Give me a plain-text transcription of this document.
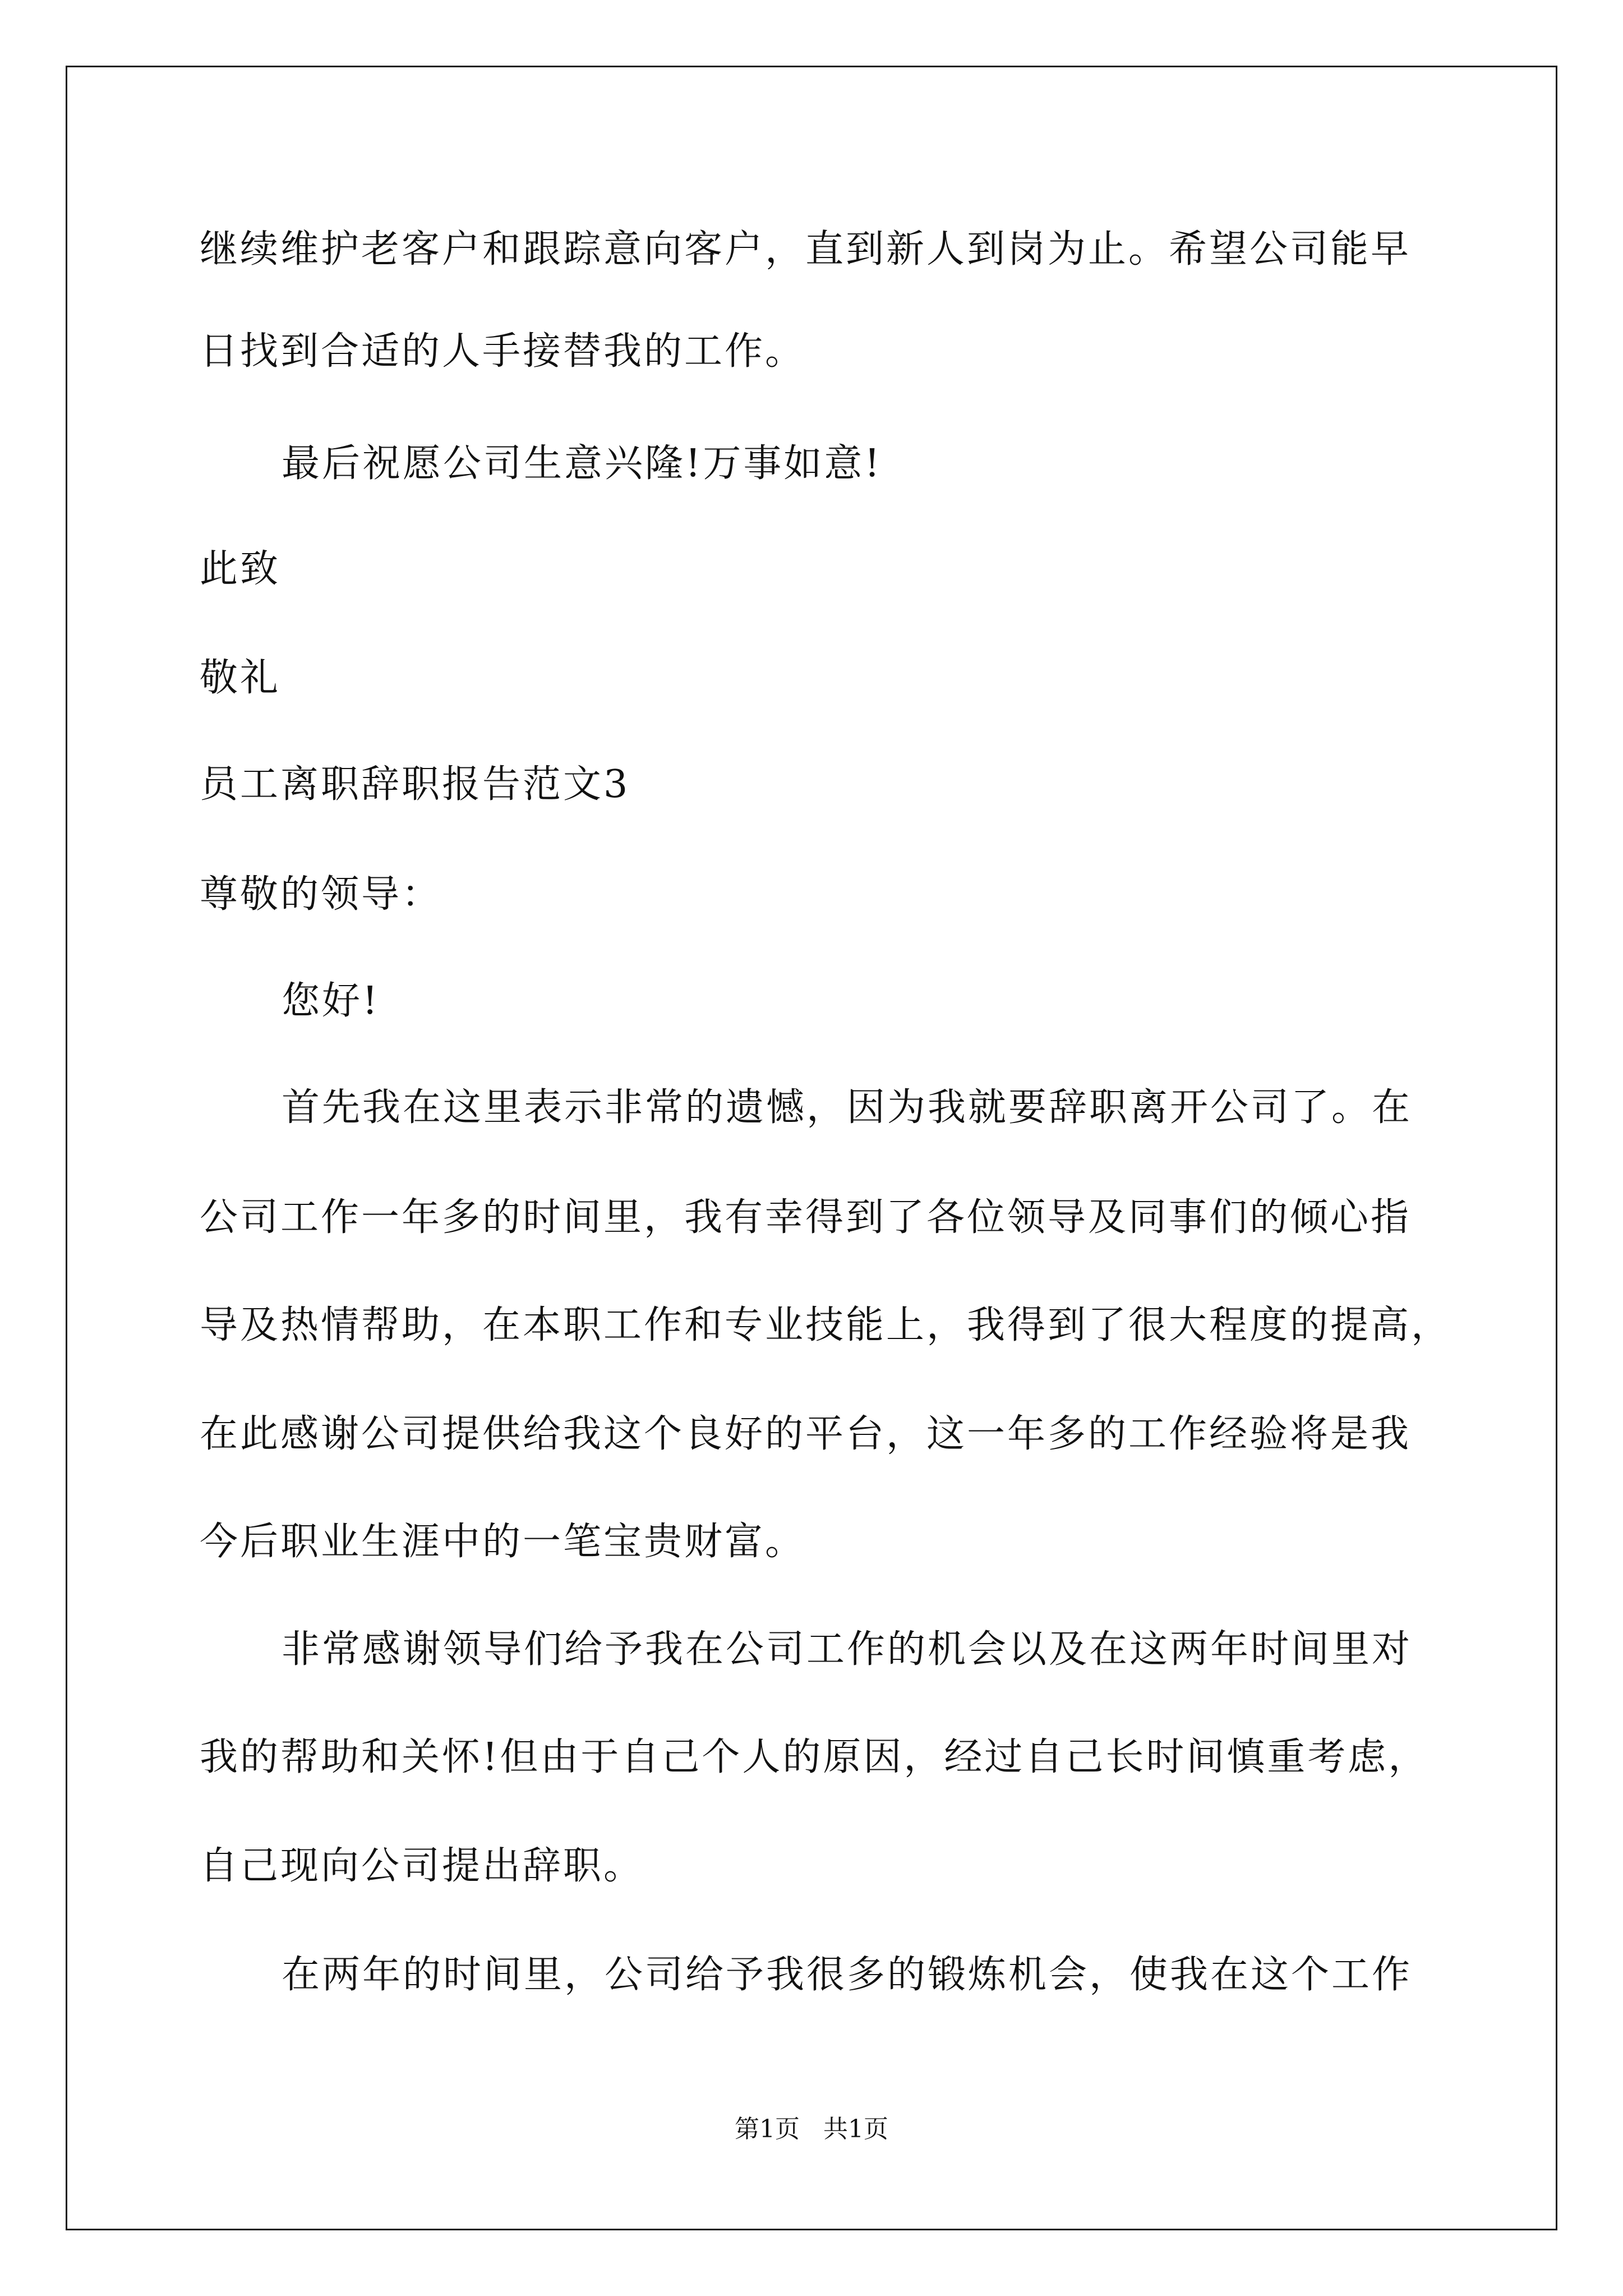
继续维护老客户和跟踪意向客户，直到新人到岗为止。希望公司能早
日找到合适的人手接替我的工作。
最后祝愿公司生意兴隆!万事如意!
此致
敬礼
员工离职辞职报告范文3
尊敬的领导：
您好!
首先我在这里表示非常的遗憾，因为我就要辞职离开公司了。在
公司工作一年多的时间里，我有幸得到了各位领导及同事们的倾心指
导及热情帮助，在本职工作和专业技能上，我得到了很大程度的提高，
在此感谢公司提供给我这个良好的平台，这一年多的工作经验将是我
今后职业生涯中的一笔宝贵财富。
非常感谢领导们给予我在公司工作的机会以及在这两年时间里对
我的帮助和关怀!但由于自己个人的原因，经过自己长时间慎重考虑，
自己现向公司提出辞职。
在两年的时间里，公司给予我很多的锻炼机会，使我在这个工作
第1页   共1页
